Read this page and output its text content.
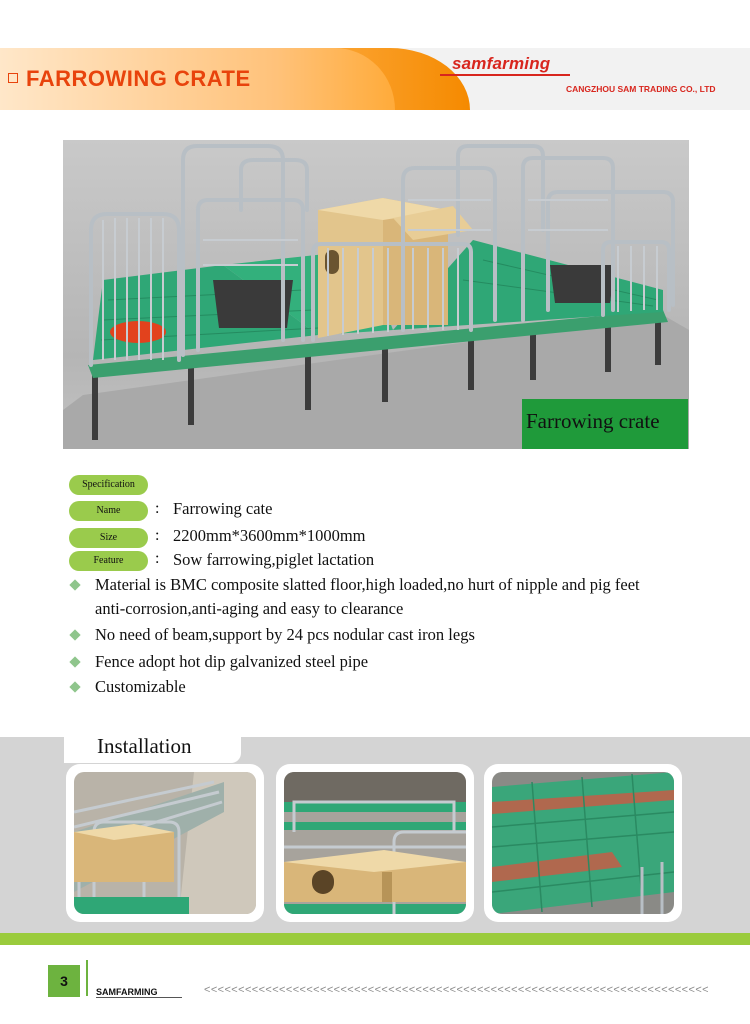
FARROWING CRATE
samfarming
CANGZHOU SAM TRADING CO., LTD
Farrowing crate
Specification
Name	: Farrowing cate
Size	: 2200mm*3600mm*1000mm
Feature	: Sow farrowing,piglet lactation
Material is BMC composite slatted floor,high loaded,no hurt of nipple and pig feet
anti-corrosion,anti-aging and easy to clearance
No need of beam,support by 24 pcs nodular cast iron legs
Fence adopt hot dip galvanized steel pipe
Customizable
Installation
3
SAMFARMING	<<<<<<<<<<<<<<<<<<<<<<<<<<<<<<<<<<<<<<<<<<<<<<<<<<<<<<<<<<<<<<<<<<<<<<<<<<
